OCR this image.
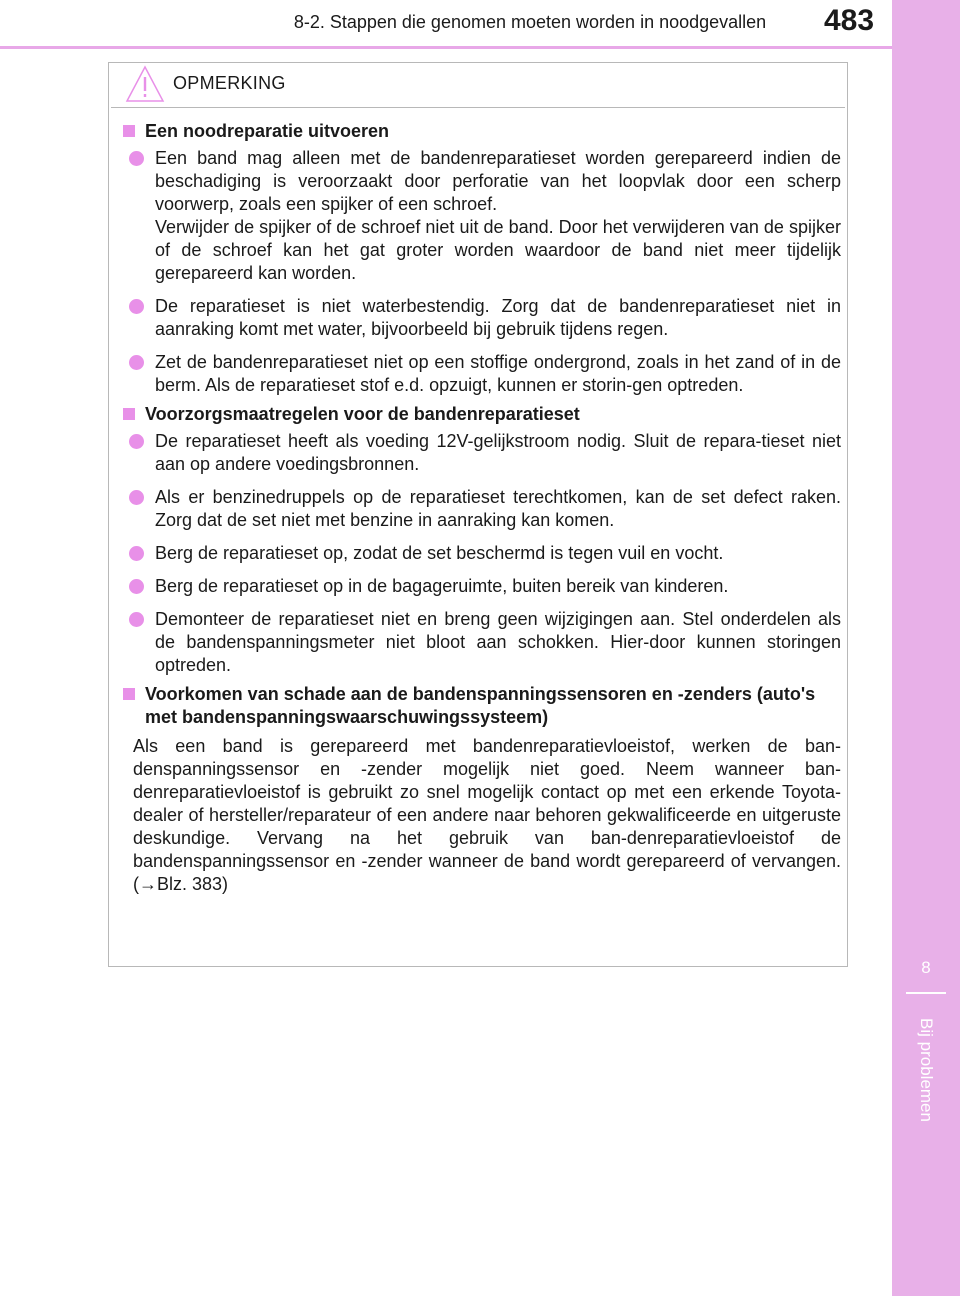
8-2. Stappen die genomen moeten worden in noodgevallen	483
8
Bij problemen
OPMERKING
Een noodreparatie uitvoeren
Een band mag alleen met de bandenreparatieset worden gerepareerd indien de beschadiging is veroorzaakt door perforatie van het loopvlak door een scherp voorwerp, zoals een spijker of een schroef.
Verwijder de spijker of de schroef niet uit de band. Door het verwijderen van de spijker of de schroef kan het gat groter worden waardoor de band niet meer tijdelijk gerepareerd kan worden.
De reparatieset is niet waterbestendig. Zorg dat de bandenreparatieset niet in aanraking komt met water, bijvoorbeeld bij gebruik tijdens regen.
Zet de bandenreparatieset niet op een stoffige ondergrond, zoals in het zand of in de berm. Als de reparatieset stof e.d. opzuigt, kunnen er storin-gen optreden.
Voorzorgsmaatregelen voor de bandenreparatieset
De reparatieset heeft als voeding 12V-gelijkstroom nodig. Sluit de repara-tieset niet aan op andere voedingsbronnen.
Als er benzinedruppels op de reparatieset terechtkomen, kan de set defect raken. Zorg dat de set niet met benzine in aanraking kan komen.
Berg de reparatieset op, zodat de set beschermd is tegen vuil en vocht.
Berg de reparatieset op in de bagageruimte, buiten bereik van kinderen.
Demonteer de reparatieset niet en breng geen wijzigingen aan. Stel onderdelen als de bandenspanningsmeter niet bloot aan schokken. Hier-door kunnen storingen optreden.
Voorkomen van schade aan de bandenspanningssensoren en -zenders (auto's met bandenspanningswaarschuwingssysteem)
Als een band is gerepareerd met bandenreparatievloeistof, werken de ban-denspanningssensor en -zender mogelijk niet goed. Neem wanneer ban-denreparatievloeistof is gebruikt zo snel mogelijk contact op met een erkende Toyota-dealer of hersteller/reparateur of een andere naar behoren gekwalificeerde en uitgeruste deskundige. Vervang na het gebruik van ban-denreparatievloeistof de bandenspanningssensor en -zender wanneer de band wordt gerepareerd of vervangen. (→Blz. 383)
